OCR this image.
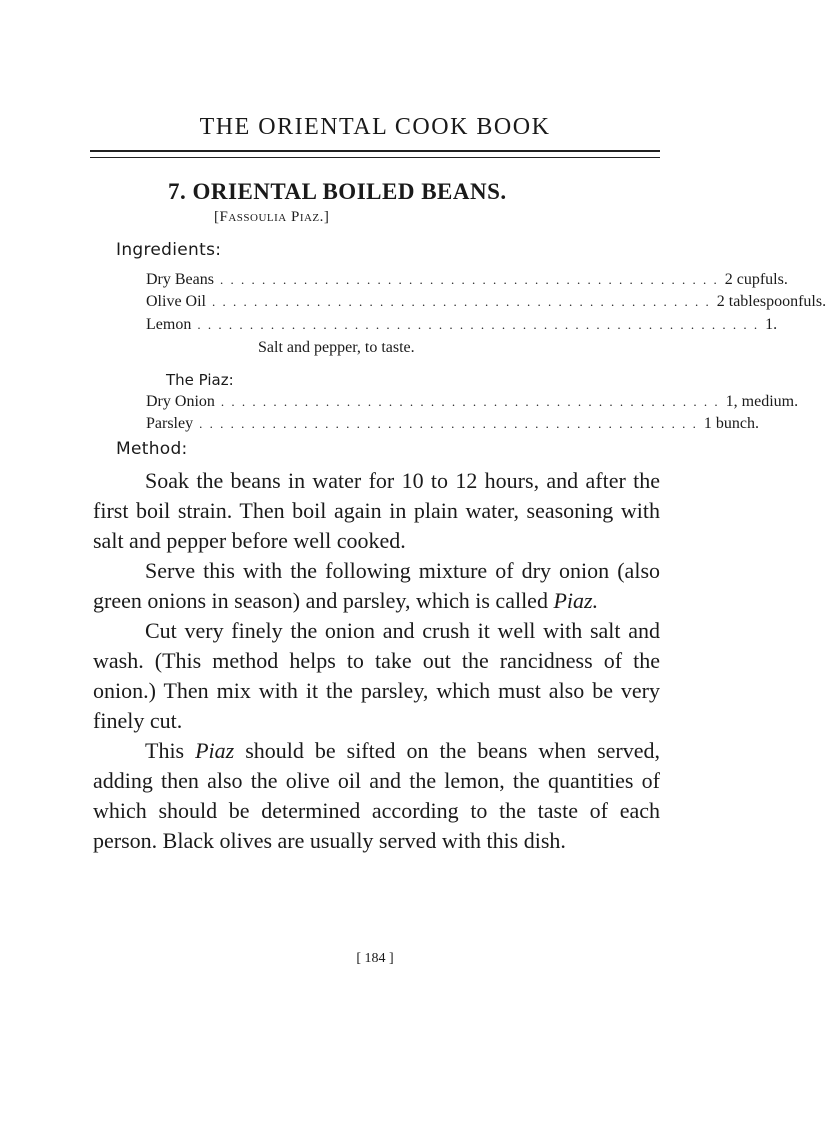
THE ORIENTAL COOK BOOK
7. ORIENTAL BOILED BEANS.
[Fassoulia Piaz.]
Ingredients:
Dry Beans . . . . . . . . . . . . . . . . . . . . . . . . . . . . . . . . . . . . . . . . . . . . . . . . 2 cupfuls.
Olive Oil . . . . . . . . . . . . . . . . . . . . . . . . . . . . . . . . . . . . . . . . . . . . . . . . 2 tablespoonfuls.
Lemon . . . . . . . . . . . . . . . . . . . . . . . . . . . . . . . . . . . . . . . . . . . . . . . . . . . . . . 1.
Salt and pepper, to taste.
The Piaz:
Dry Onion . . . . . . . . . . . . . . . . . . . . . . . . . . . . . . . . . . . . . . . . . . . . . . . . 1, medium.
Parsley . . . . . . . . . . . . . . . . . . . . . . . . . . . . . . . . . . . . . . . . . . . . . . . . 1 bunch.
Method:

Soak the beans in water for 10 to 12 hours, and after the first boil strain. Then boil again in plain water, seasoning with salt and pepper before well cooked.

Serve this with the following mixture of dry onion (also green onions in season) and parsley, which is called Piaz.

Cut very finely the onion and crush it well with salt and wash. (This method helps to take out the rancidness of the onion.) Then mix with it the parsley, which must also be very finely cut.

This Piaz should be sifted on the beans when served, adding then also the olive oil and the lemon, the quantities of which should be determined according to the taste of each person. Black olives are usually served with this dish.

[ 184 ]
